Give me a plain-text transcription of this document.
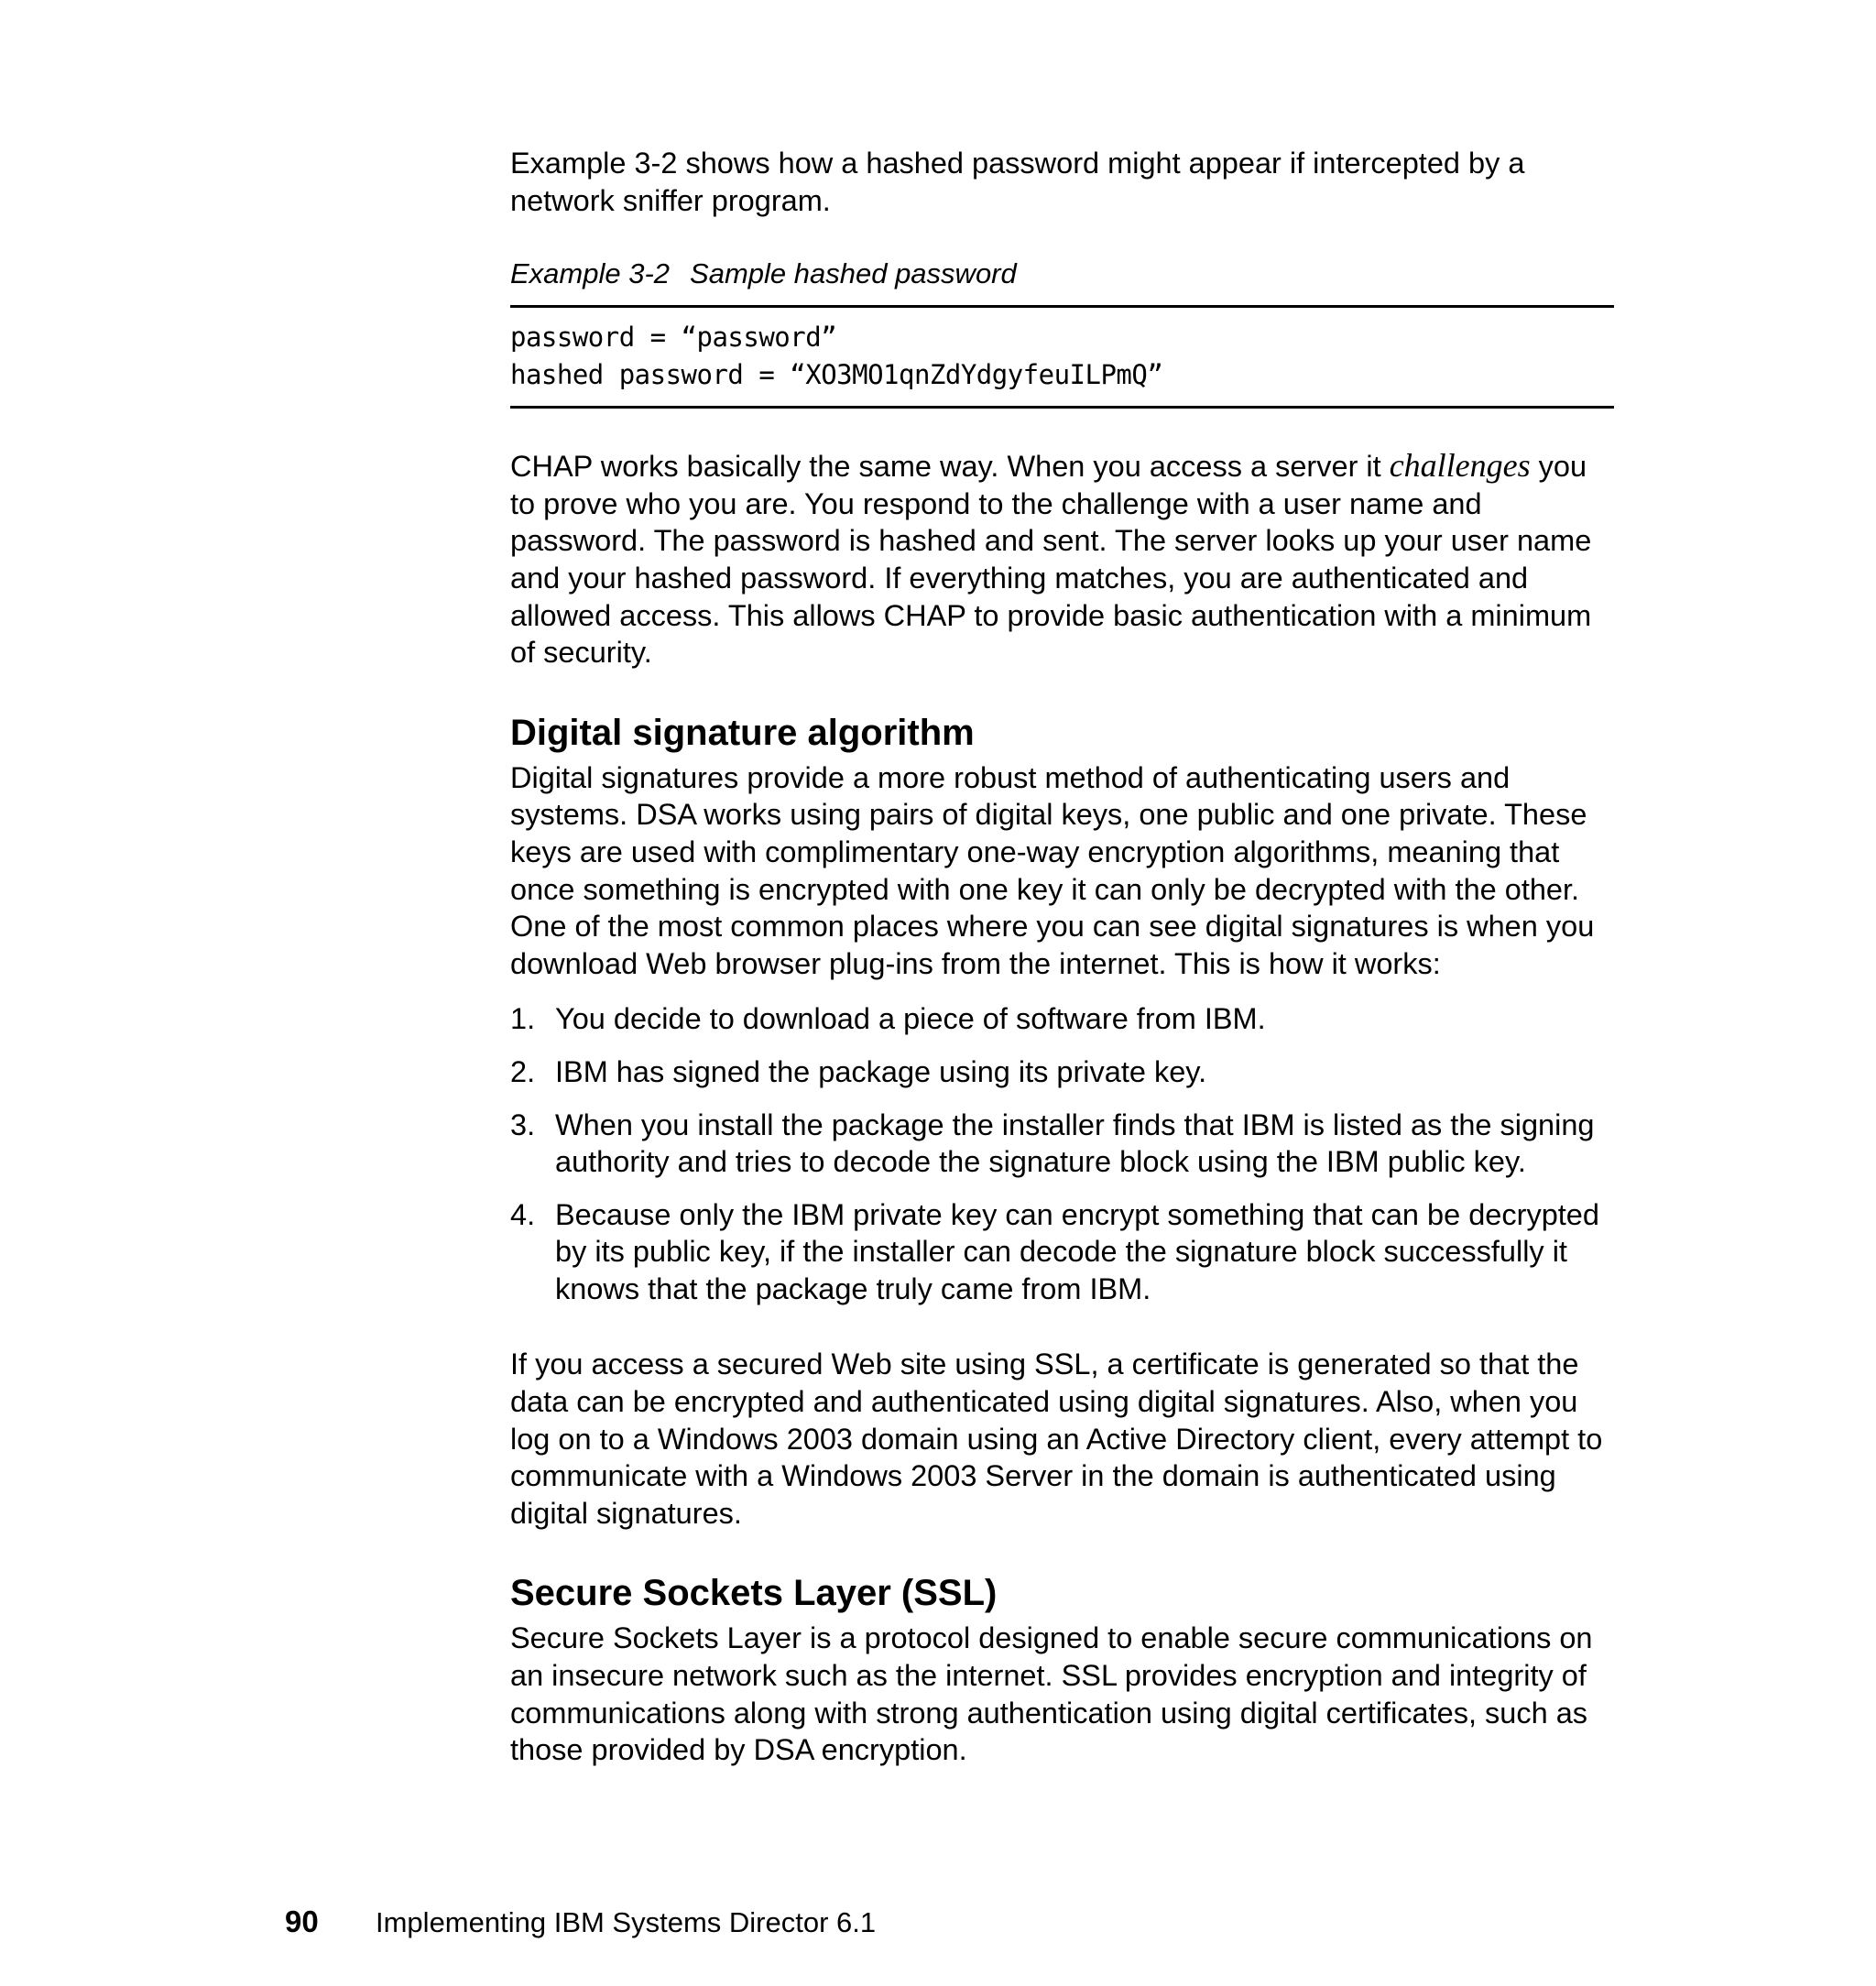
Example 3-2 shows how a hashed password might appear if intercepted by a network sniffer program.

Example 3-2 Sample hashed password
password = “password”
hashed password = “XO3MO1qnZdYdgyfeuILPmQ”

CHAP works basically the same way. When you access a server it challenges you to prove who you are. You respond to the challenge with a user name and password. The password is hashed and sent. The server looks up your user name and your hashed password. If everything matches, you are authenticated and allowed access. This allows CHAP to provide basic authentication with a minimum of security.

Digital signature algorithm

Digital signatures provide a more robust method of authenticating users and systems. DSA works using pairs of digital keys, one public and one private. These keys are used with complimentary one-way encryption algorithms, meaning that once something is encrypted with one key it can only be decrypted with the other. One of the most common places where you can see digital signatures is when you download Web browser plug-ins from the internet. This is how it works:

1. You decide to download a piece of software from IBM.
2. IBM has signed the package using its private key.
3. When you install the package the installer finds that IBM is listed as the signing authority and tries to decode the signature block using the IBM public key.
4. Because only the IBM private key can encrypt something that can be decrypted by its public key, if the installer can decode the signature block successfully it knows that the package truly came from IBM.

If you access a secured Web site using SSL, a certificate is generated so that the data can be encrypted and authenticated using digital signatures. Also, when you log on to a Windows 2003 domain using an Active Directory client, every attempt to communicate with a Windows 2003 Server in the domain is authenticated using digital signatures.

Secure Sockets Layer (SSL)

Secure Sockets Layer is a protocol designed to enable secure communications on an insecure network such as the internet. SSL provides encryption and integrity of communications along with strong authentication using digital certificates, such as those provided by DSA encryption.

90 Implementing IBM Systems Director 6.1
